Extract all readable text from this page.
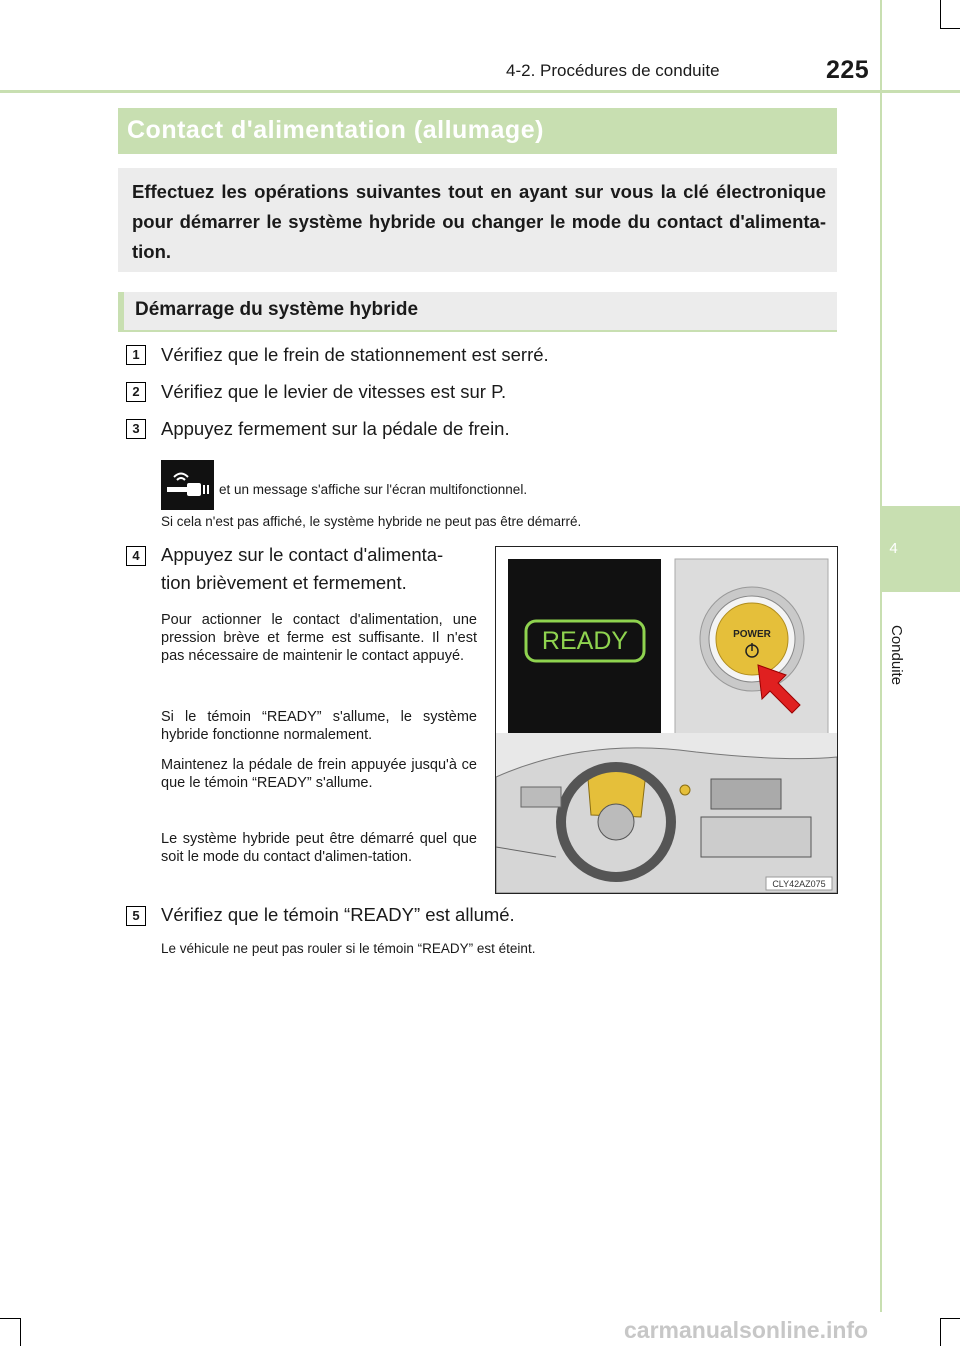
4-2. Procédures de conduite	225
4
Conduite
Contact d'alimentation (allumage)

Effectuez les opérations suivantes tout en ayant sur vous la clé électronique pour démarrer le système hybride ou changer le mode du contact d'alimenta-tion.

Démarrage du système hybride
1	Vérifiez que le frein de stationnement est serré.
2	Vérifiez que le levier de vitesses est sur P.
3	Appuyez fermement sur la pédale de frein.
et un message s'affiche sur l'écran multifonctionnel.
Si cela n'est pas affiché, le système hybride ne peut pas être démarré.
4	Appuyez sur le contact d'alimenta-
tion brièvement et fermement.
Pour actionner le contact d'alimentation, une pression brève et ferme est suffisante. Il n'est pas nécessaire de maintenir le contact appuyé.
Si le témoin “READY” s'allume, le système hybride fonctionne normalement.
Maintenez la pédale de frein appuyée jusqu'à ce que le témoin “READY” s'allume.
Le système hybride peut être démarré quel que soit le mode du contact d'alimen-tation.
READY	POWER
CLY42AZ075
5	Vérifiez que le témoin “READY” est allumé.
Le véhicule ne peut pas rouler si le témoin “READY” est éteint.
carmanualsonline.info
